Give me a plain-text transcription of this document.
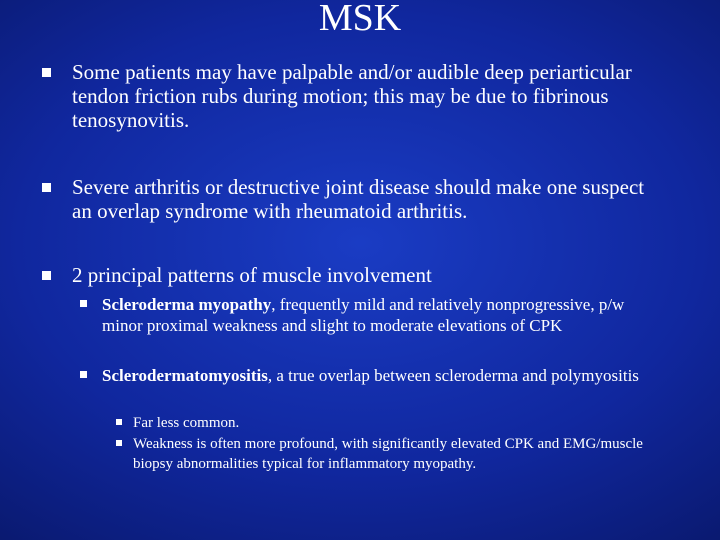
MSK
Some patients may have palpable and/or audible deep periarticular tendon friction rubs during motion; this may be due to fibrinous tenosynovitis.
Severe arthritis or destructive joint disease should make one suspect an overlap syndrome with rheumatoid arthritis.
2 principal patterns of muscle involvement
Scleroderma myopathy, frequently mild and relatively nonprogressive, p/w minor proximal weakness and slight to moderate elevations of CPK
Sclerodermatomyositis, a true overlap between scleroderma and polymyositis
Far less common.
Weakness is often more profound, with significantly elevated CPK and EMG/muscle biopsy abnormalities typical for inflammatory myopathy.
